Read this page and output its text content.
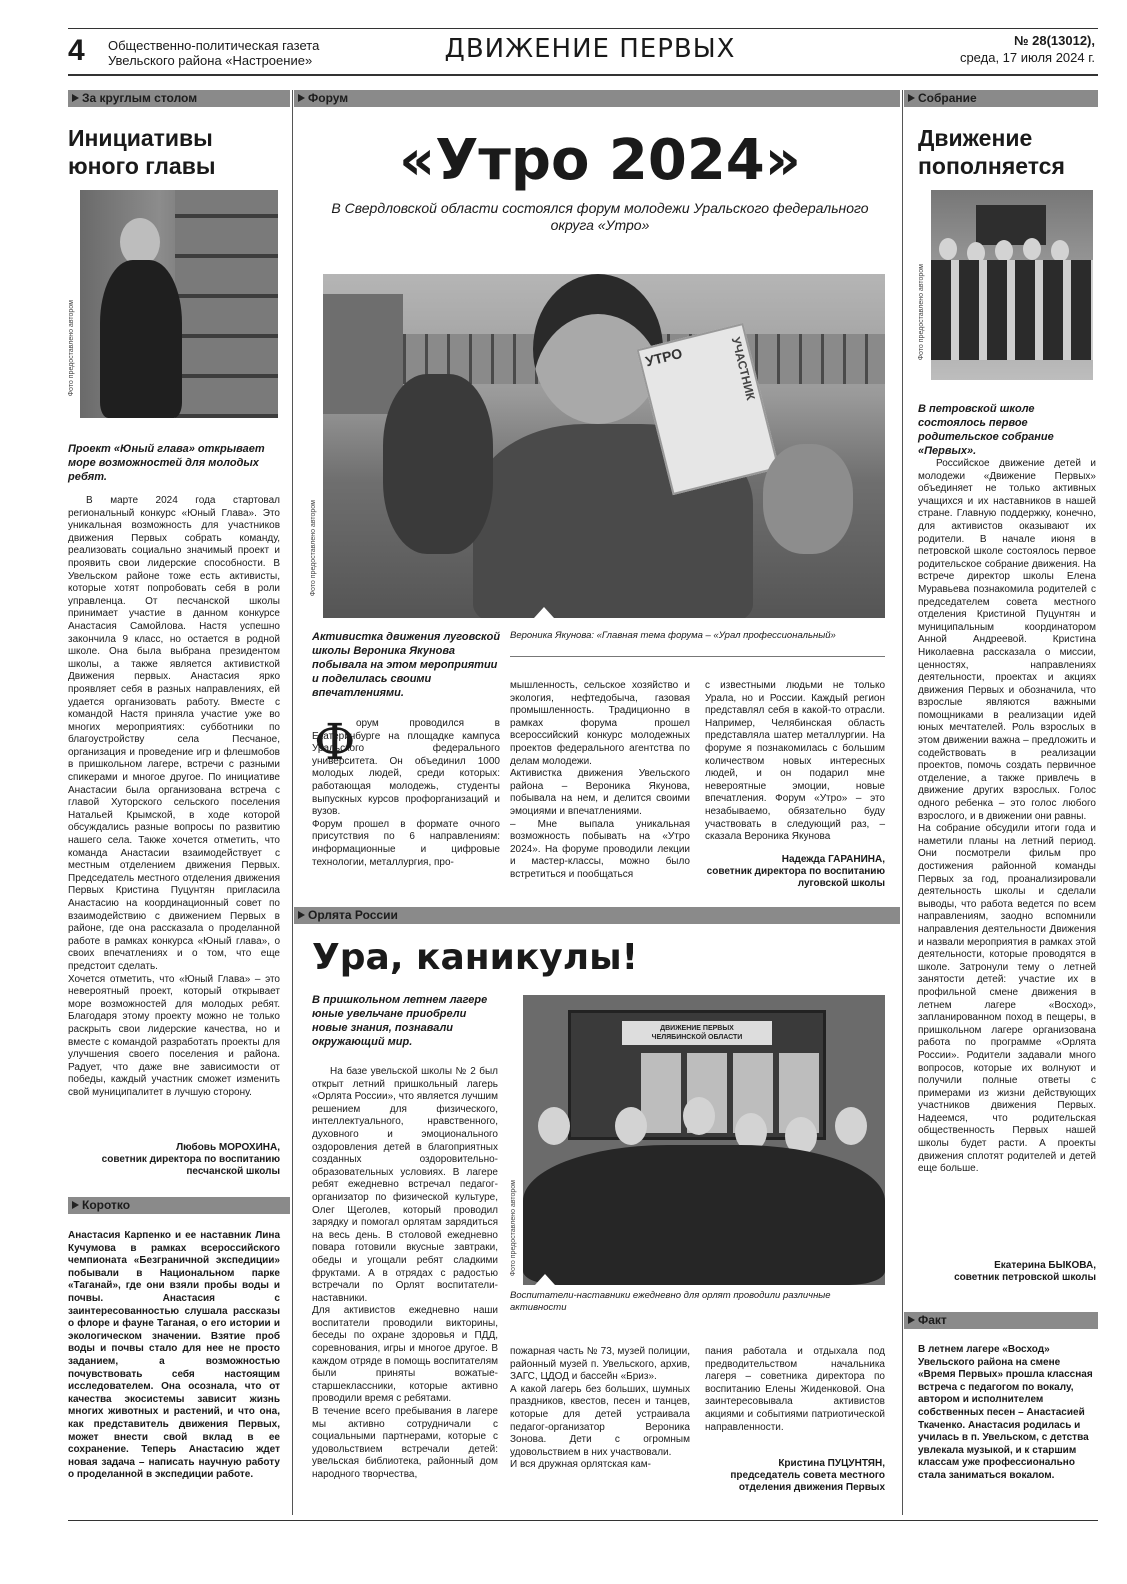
4 Общественно-политическая газета
Увельского района «Настроение»	ДВИЖЕНИЕ ПЕРВЫХ	№ 28(13012),
среда, 17 июля 2024 г.
За круглым столом
Инициативы
юного главы
Фото предоставлено автором
Проект «Юный глава» открывает море возможностей для молодых ребят.
В марте 2024 года стартовал региональный конкурс «Юный Глава». Это уникальная возможность для участников движения Первых собрать команду, реализовать социально значимый проект и проявить свои лидерские способности. В Увельском районе тоже есть активисты, которые хотят попробовать себя в роли управленца. От песчанской школы принимает участие в данном конкурсе Анастасия Самойлова. Настя успешно закончила 9 класс, но остается в родной школе. Она была выбрана президентом школы, а также является активисткой Движения первых. Анастасия ярко проявляет себя в разных направлениях, ей удается организовать работу. Вместе с командой Настя приняла участие уже во многих мероприятиях: субботники по благоустройству села Песчаное, организация и проведение игр и флешмобов в пришкольном лагере, встречи с разными спикерами и многое другое. По инициативе Анастасии была организована встреча с главой Хуторского сельского поселения Натальей Крымской, в ходе которой обсуждались разные вопросы по развитию нашего села. Также хочется отметить, что команда Анастасии взаимодействует с местным отделением движения Первых. Председатель местного отделения движения Первых Кристина Пуцунтян пригласила Анастасию на координационный совет по взаимодействию с движением Первых в районе, где она рассказала о проделанной работе в рамках конкурса «Юный глава», о своих впечатлениях и о том, что еще предстоит сделать.
Хочется отметить, что «Юный Глава» – это невероятный проект, который открывает море возможностей для молодых ребят. Благодаря этому проекту можно не только раскрыть свои лидерские качества, но и вместе с командой разработать проекты для улучшения своего поселения и района. Радует, что даже вне зависимости от победы, каждый участник сможет изменить свой муниципалитет в лучшую сторону.

Любовь МОРОХИНА,

советник директора по воспитанию песчанской школы

Коротко
Анастасия Карпенко и ее наставник Лина Кучумова в рамках всероссийского чемпионата «Безграничной экспедиции» побывали в Национальном парке «Таганай», где они взяли пробы воды и почвы. Анастасия с заинтересованностью слушала рассказы о флоре и фауне Таганая, о его истории и экологическом значении. Взятие проб воды и почвы стало для нее не просто заданием, а возможностью почувствовать себя настоящим исследователем. Она осознала, что от качества экосистемы зависит жизнь многих животных и растений, и что она, как представитель движения Первых, может внести свой вклад в ее сохранение. Теперь Анастасию ждет новая задача – написать научную работу о проделанной в экспедиции работе.
Форум
«Утро 2024»
В Свердловской области состоялся форум молодежи Уральского федерального округа «Утро»
УТРО	УЧАСТНИК
Фото предоставлено автором
Активистка движения луговской школы Вероника Якунова побывала на этом мероприятии и поделилась своими впечатлениями.
Вероника Якунова: «Главная тема форума – «Урал профессиональный»
Ф орум проводился в Екатеринбурге на площадке кампуса Уральского федерального университета. Он объединил 1000 молодых людей, среди которых: работающая молодежь, студенты выпускных курсов профорганизаций и вузов.
Форум прошел в формате очного присутствия по 6 направлениям: информационные и цифровые технологии, металлургия, про-
мышленность, сельское хозяйство и экология, нефтедобыча, газовая промышленность. Традиционно в рамках форума прошел всероссийский конкурс молодежных проектов федерального агентства по делам молодежи.
Активистка движения Увельского района – Вероника Якунова, побывала на нем, и делится своими эмоциями и впечатлениями.
– Мне выпала уникальная возможность побывать на «Утро 2024». На форуме проводили лекции и мастер-классы, можно было встретиться и пообщаться
с известными людьми не только Урала, но и России. Каждый регион представлял себя в какой-то отрасли. Например, Челябинская область представляла шатер металлургии. На форуме я познакомилась с большим количеством новых интересных людей, и он подарил мне невероятные эмоции, новые впечатления. Форум «Утро» – это незабываемо, обязательно буду участвовать в следующий раз, – сказала Вероника Якунова

Надежда ГАРАНИНА,

советник директора по воспитанию луговской школы

Орлята России
Ура, каникулы!
В пришкольном летнем лагере юные увельчане приобрели новые знания, познавали окружающий мир.
ДВИЖЕНИЕ ПЕРВЫХ
ЧЕЛЯБИНСКОЙ ОБЛАСТИ
Фото предоставлено автором
Воспитатели-наставники ежедневно для орлят проводили различные активности
На базе увельской школы № 2 был открыт летний пришкольный лагерь «Орлята России», что является лучшим решением для физического, интеллектуального, нравственного, духовного и эмоционального оздоровления детей в благоприятных созданных оздоровительно-образовательных условиях. В лагере ребят ежедневно встречал педагог-организатор по физической культуре, Олег Щеголев, который проводил зарядку и помогал орлятам зарядиться на весь день. В столовой ежедневно повара готовили вкусные завтраки, обеды и угощали ребят сладкими фруктами. А в отрядах с радостью встречали по Орлят воспитатели-наставники.
Для активистов ежедневно наши воспитатели проводили викторины, беседы по охране здоровья и ПДД, соревнования, игры и многое другое. В каждом отряде в помощь воспитателям были приняты вожатые-старшеклассники, которые активно проводили время с ребятами.
В течение всего пребывания в лагере мы активно сотрудничали с социальными партнерами, которые с удовольствием встречали детей: увельская библиотека, районный дом народного творчества,
пожарная часть № 73, музей полиции, районный музей п. Увельского, архив, ЗАГС, ЦДОД и бассейн «Бриз».
А какой лагерь без больших, шумных праздников, квестов, песен и танцев, которые для детей устраивала педагог-организатор Вероника Зонова. Дети с огромным удовольствием в них участвовали.
И вся дружная орлятская кам-
пания работала и отдыхала под предводительством начальника лагеря – советника директора по воспитанию Елены Жиденковой. Она заинтересовывала активистов акциями и событиями патриотической направленности.

Кристина ПУЦУНТЯН,

председатель совета местного отделения движения Первых

Собрание
Движение
пополняется
Фото предоставлено автором
В петровской школе состоялось первое родительское собрание «Первых».
Российское движение детей и молодежи «Движение Первых» объединяет не только активных учащихся и их наставников в нашей стране. Главную поддержку, конечно, для активистов оказывают их родители. В начале июня в петровской школе состоялось первое родительское собрание движения. На встрече директор школы Елена Муравьева познакомила родителей с председателем совета местного отделения Кристиной Пуцунтян и муниципальным координатором Анной Андреевой. Кристина Николаевна рассказала о миссии, ценностях, направлениях деятельности, проектах и акциях движения Первых и обозначила, что взрослые являются важными помощниками в реализации идей юных мечтателей. Роль взрослых в этом движении важна – предложить и содействовать в реализации проектов, помочь создать первичное отделение, а также привлечь в движение других взрослых. Голос одного ребенка – это голос любого взрослого, и в движении они равны.
На собрание обсудили итоги года и наметили планы на летний период. Они посмотрели фильм про достижения районной команды Первых за год, проанализировали деятельность школы и сделали выводы, что работа ведется по всем направлениям, заодно вспомнили направления деятельности Движения и назвали мероприятия в рамках этой деятельности, которые проводятся в школе. Затронули тему о летней занятости детей: участие их в профильной смене движения в летнем лагере «Восход», запланированном поход в пещеры, в пришкольном лагере организована работа по программе «Орлята России». Родители задавали много вопросов, которые их волнуют и получили полные ответы с примерами из жизни действующих участников движения Первых. Надеемся, что родительская общественность Первых нашей школы будет расти. А проекты движения сплотят родителей и детей еще больше.

Екатерина БЫКОВА,

советник петровской школы

Факт
В летнем лагере «Восход» Увельского района на смене «Время Первых» прошла классная встреча с педагогом по вокалу, автором и исполнителем собственных песен – Анастасией Ткаченко. Анастасия родилась и училась в п. Увельском, с детства увлекала музыкой, и к старшим классам уже профессионально стала заниматься вокалом.
